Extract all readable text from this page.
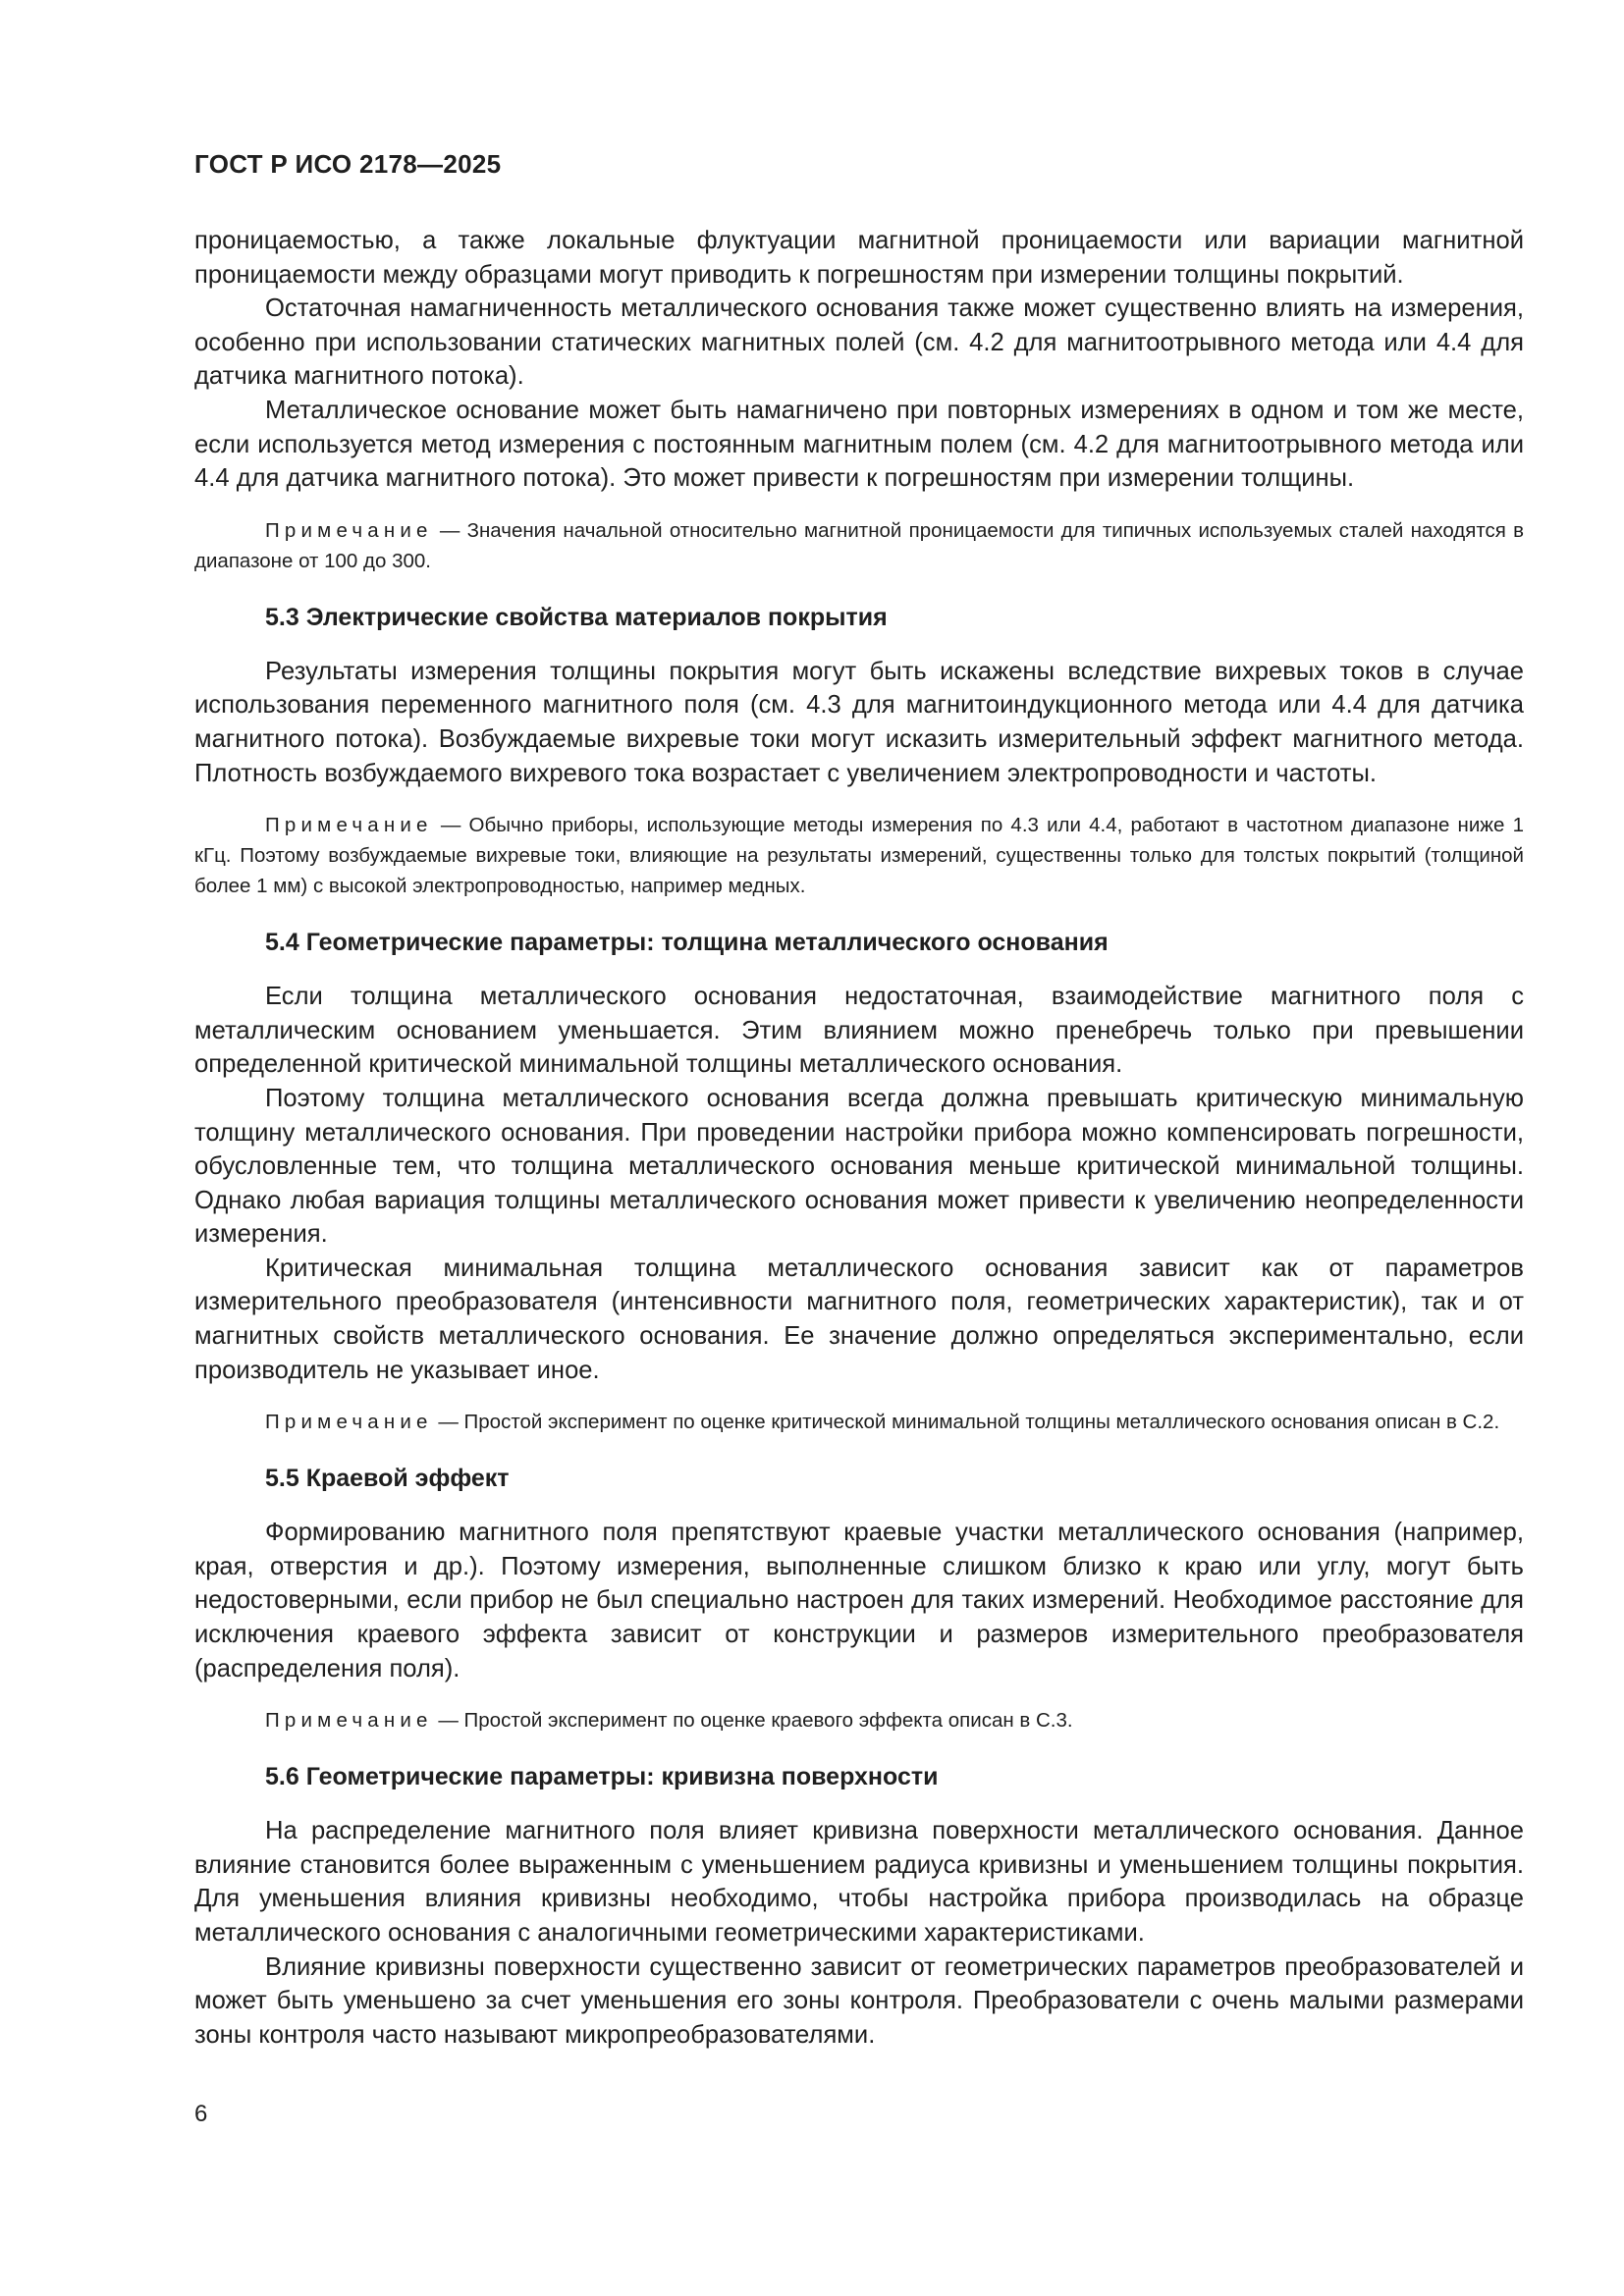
ГОСТ Р ИСО 2178—2025

проницаемостью, а также локальные флуктуации магнитной проницаемости или вариации магнитной проницаемости между образцами могут приводить к погрешностям при измерении толщины покрытий.

Остаточная намагниченность металлического основания также может существенно влиять на измерения, особенно при использовании статических магнитных полей (см. 4.2 для магнитоотрывного метода или 4.4 для датчика магнитного потока).

Металлическое основание может быть намагничено при повторных измерениях в одном и том же месте, если используется метод измерения с постоянным магнитным полем (см. 4.2 для магнитоотрывного метода или 4.4 для датчика магнитного потока). Это может привести к погрешностям при измерении толщины.

Примечание — Значения начальной относительно магнитной проницаемости для типичных используемых сталей находятся в диапазоне от 100 до 300.

5.3 Электрические свойства материалов покрытия

Результаты измерения толщины покрытия могут быть искажены вследствие вихревых токов в случае использования переменного магнитного поля (см. 4.3 для магнитоиндукционного метода или 4.4 для датчика магнитного потока). Возбуждаемые вихревые токи могут исказить измерительный эффект магнитного метода. Плотность возбуждаемого вихревого тока возрастает с увеличением электропроводности и частоты.

Примечание — Обычно приборы, использующие методы измерения по 4.3 или 4.4, работают в частотном диапазоне ниже 1 кГц. Поэтому возбуждаемые вихревые токи, влияющие на результаты измерений, существенны только для толстых покрытий (толщиной более 1 мм) с высокой электропроводностью, например медных.

5.4 Геометрические параметры: толщина металлического основания

Если толщина металлического основания недостаточная, взаимодействие магнитного поля с металлическим основанием уменьшается. Этим влиянием можно пренебречь только при превышении определенной критической минимальной толщины металлического основания.

Поэтому толщина металлического основания всегда должна превышать критическую минимальную толщину металлического основания. При проведении настройки прибора можно компенсировать погрешности, обусловленные тем, что толщина металлического основания меньше критической минимальной толщины. Однако любая вариация толщины металлического основания может привести к увеличению неопределенности измерения.

Критическая минимальная толщина металлического основания зависит как от параметров измерительного преобразователя (интенсивности магнитного поля, геометрических характеристик), так и от магнитных свойств металлического основания. Ее значение должно определяться экспериментально, если производитель не указывает иное.

Примечание — Простой эксперимент по оценке критической минимальной толщины металлического основания описан в С.2.

5.5 Краевой эффект

Формированию магнитного поля препятствуют краевые участки металлического основания (например, края, отверстия и др.). Поэтому измерения, выполненные слишком близко к краю или углу, могут быть недостоверными, если прибор не был специально настроен для таких измерений. Необходимое расстояние для исключения краевого эффекта зависит от конструкции и размеров измерительного преобразователя (распределения поля).

Примечание — Простой эксперимент по оценке краевого эффекта описан в С.3.

5.6 Геометрические параметры: кривизна поверхности

На распределение магнитного поля влияет кривизна поверхности металлического основания. Данное влияние становится более выраженным с уменьшением радиуса кривизны и уменьшением толщины покрытия. Для уменьшения влияния кривизны необходимо, чтобы настройка прибора производилась на образце металлического основания с аналогичными геометрическими характеристиками.

Влияние кривизны поверхности существенно зависит от геометрических параметров преобразователей и может быть уменьшено за счет уменьшения его зоны контроля. Преобразователи с очень малыми размерами зоны контроля часто называют микропреобразователями.

6
